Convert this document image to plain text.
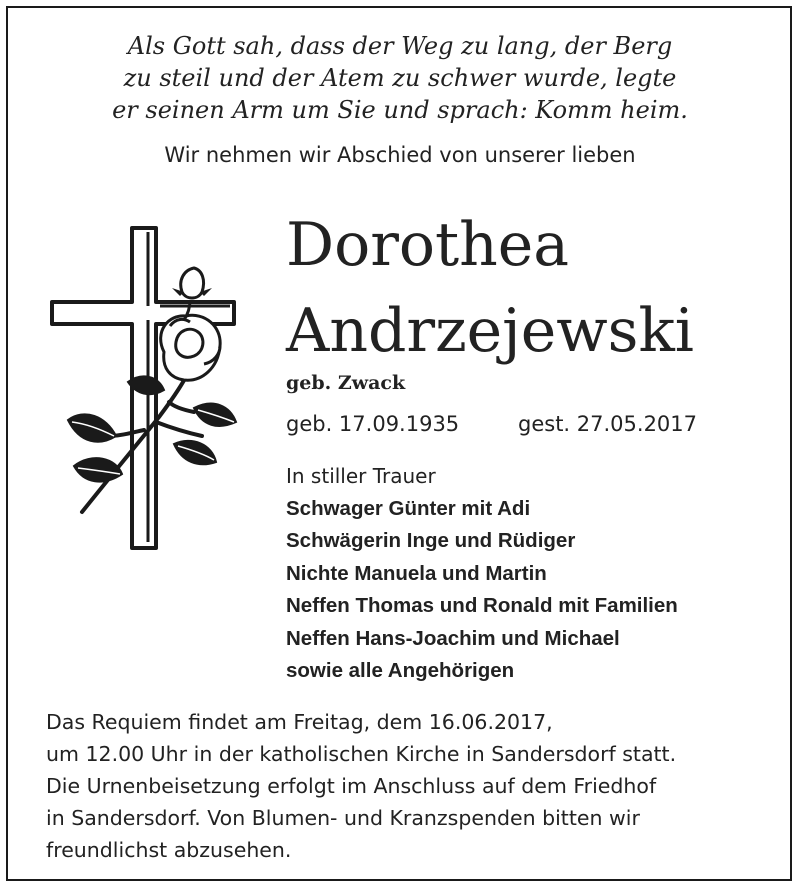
Als Gott sah, dass der Weg zu lang, der Berg
zu steil und der Atem zu schwer wurde, legte
er seinen Arm um Sie und sprach: Komm heim.
Wir nehmen wir Abschied von unserer lieben
Dorothea
Andrzejewski
geb. Zwack
geb. 17.09.1935	gest. 27.05.2017
In stiller Trauer
Schwager Günter mit Adi
Schwägerin Inge und Rüdiger
Nichte Manuela und Martin
Neffen Thomas und Ronald mit Familien
Neffen Hans-Joachim und Michael
sowie alle Angehörigen
Das Requiem findet am Freitag, dem 16.06.2017,
um 12.00 Uhr in der katholischen Kirche in Sandersdorf statt.
Die Urnenbeisetzung erfolgt im Anschluss auf dem Friedhof
in Sandersdorf. Von Blumen- und Kranzspenden bitten wir
freundlichst abzusehen.
